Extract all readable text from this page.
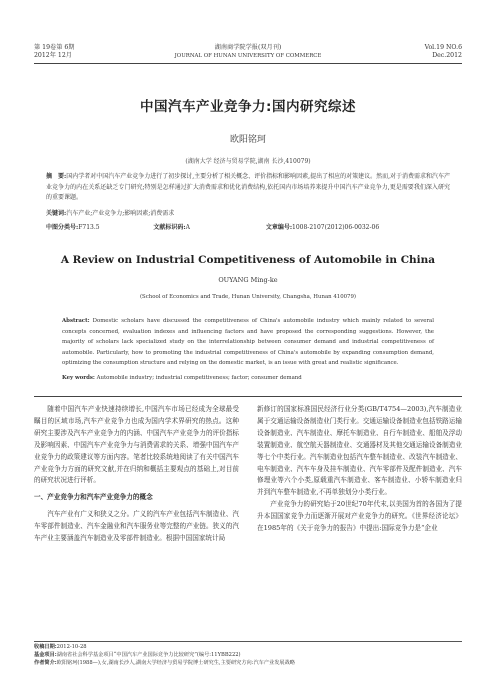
第 19卷第 6期
2012年 12月
湖南商学院学报(双月刊)
JOURNAL OF HUNAN UNIVERSITY OF COMMERCE
Vol.19 NO.6
Dec.2012
中国汽车产业竞争力:国内研究综述
欧阳铭珂
(湖南大学 经济与贸易学院,湖南 长沙,410079)
摘　要:国内学者对中国汽车产业竞争力进行了初步探讨,主要分析了相关概念、评价指标和影响因素,提出了相应的对策建议。然而,对于消费需求和汽车产业竞争力的内在关系还缺乏专门研究;特别是怎样通过扩大消费需求和优化消费结构,依托国内市场培养来提升中国汽车产业竞争力,更是需要我们深入研究的重要课题。
关键词:汽车产业;产业竞争力;影响因素;消费需求
中图分类号:F713.5	文献标识码:A	文章编号:1008-2107(2012)06-0032-06
A Review on Industrial Competitiveness of Automobile in China
OUYANG Ming-ke
(School of Economics and Trade, Hunan University, Changsha, Hunan 410079)
Abstract: Domestic scholars have discussed the competitiveness of China's automobile industry which mainly related to several concepts concerned, evaluation indexes and influencing factors and have proposed the corresponding suggestions. However, the majority of scholars lack specialized study on the interrelationship between consumer demand and industrial competitiveness of automobile. Particularly, how to promoting the industrial competitiveness of China's automobile by expanding consumption demand, optimizing the consumption structure and relying on the domestic market, is an issue with great and realistic significance.
Key words: Automobile industry; industrial competitiveness; factor; consumer demand

随着中国汽车产业快速持续增长,中国汽车市场已经成为全球最受瞩目的区域市场,汽车产业竞争力也成为国内学术界研究的热点。这种研究主要涉及汽车产业竞争力的内涵、中国汽车产业竞争力的评价指标及影响因素、中国汽车产业竞争力与消费需求的关系、增强中国汽车产业竞争力的政策建议等方面内容。笔者比较系统地阅读了有关中国汽车产业竞争力方面的研究文献,并在归纳和概括主要观点的基础上,对目前的研究状况进行评析。

一、产业竞争力和汽车产业竞争力的概念

汽车产业有广义和狭义之分。广义的汽车产业包括汽车制造业、汽车零部件制造业、汽车金融业和汽车服务业等完整的产业链。狭义的汽车产业主要涵盖汽车制造业及零部件制造业。根据中国国家统计局

新修订的国家标准国民经济行业分类(GB/T4754—2003),汽车制造业属于交通运输设备制造业门类行业。交通运输设备制造业包括铁路运输设备制造业、汽车制造业、摩托车制造业、自行车制造业、船舶及浮动装置制造业、航空航天器制造业、交通器材及其他交通运输设备制造业等七个中类行业。汽车制造业包括汽车整车制造业、改装汽车制造业、电车制造业、汽车车身及挂车制造业、汽车零部件及配件制造业、汽车修理业等六个小类,原载重汽车制造业、客车制造业、小轿车制造业归并到汽车整车制造业,不再单独划分小类行业。

产业竞争力的研究始于20世纪70年代末,以美国为首的各国为了提升本国国家竞争力而逐渐开展对产业竞争力的研究。《世界经济论坛》在1985年的《关于竞争力的报告》中提出:国际竞争力是“企业

收稿日期:2012-10-28
基金项目:湖南省社会科学基金项目“中国汽车产业国际竞争力比较研究”(编号:11YBB222)
作者简介:欧阳铭珂(1988—),女,湖南长沙人,湖南大学经济与贸易学院博士研究生,主要研究方向:汽车产业发展战略
